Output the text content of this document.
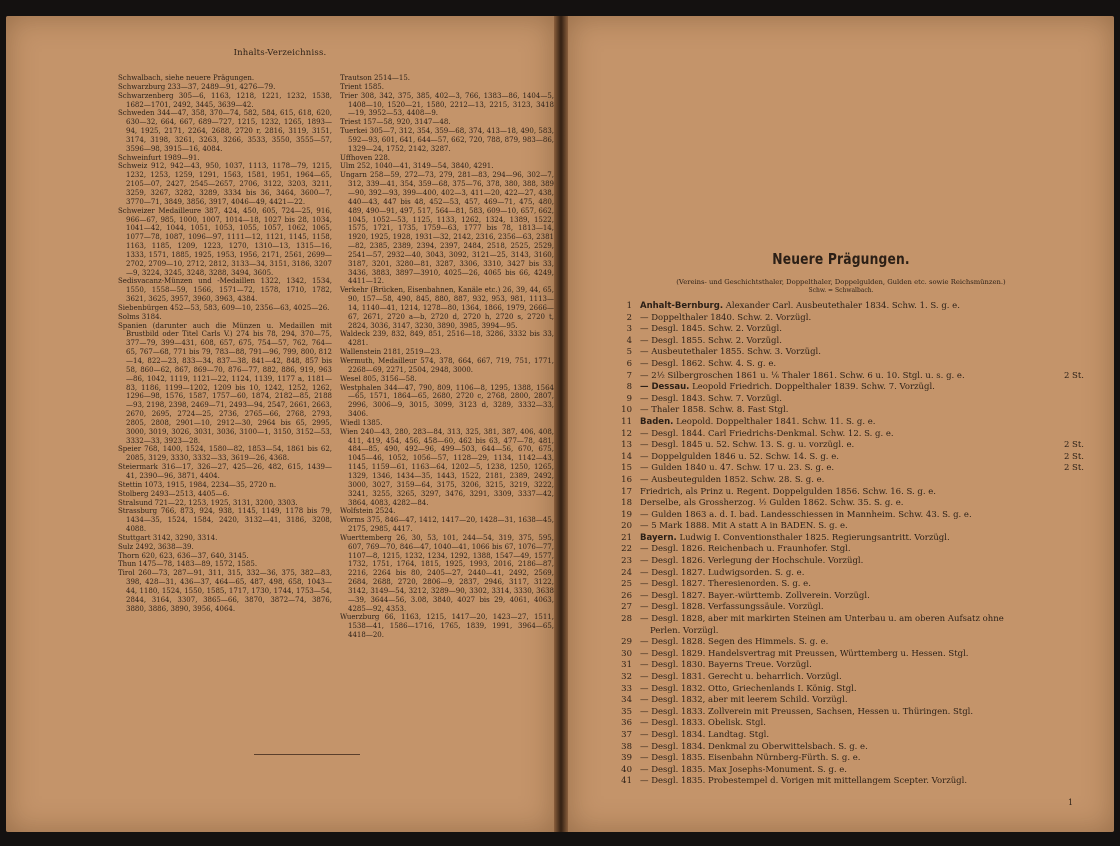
Inhalts-Verzeichniss.

Schwalbach, siehe neuere Prägungen.

Schwarzburg 233—37, 2489—91, 4276—79.

Schwarzenberg 305—6, 1163, 1218, 1221, 1232, 1538, 1682—1701, 2492, 3445, 3639—42.

Schweden 344—47, 358, 370—74, 582, 584, 615, 618, 620, 630—32, 664, 667, 689—727, 1215, 1232, 1265, 1893—94, 1925, 2171, 2264, 2688, 2720 r, 2816, 3119, 3151, 3174, 3198, 3261, 3263, 3266, 3533, 3550, 3555—57, 3596—98, 3915—16, 4084.

Schweinfurt 1989—91.

Schweiz 912, 942—43, 950, 1037, 1113, 1178—79, 1215, 1232, 1253, 1259, 1291, 1563, 1581, 1951, 1964—65, 2105—07, 2427, 2545—2657, 2706, 3122, 3203, 3211, 3259, 3267, 3282, 3289, 3334 bis 36, 3464, 3600—7, 3770—71, 3849, 3856, 3917, 4046—49, 4421—22.

Schweizer Medailleure 387, 424, 450, 605, 724—25, 916, 966—67, 985, 1000, 1007, 1014—18, 1027 bis 28, 1034, 1041—42, 1044, 1051, 1053, 1055, 1057, 1062, 1065, 1077—78, 1087, 1096—97, 1111—12, 1121, 1145, 1158, 1163, 1185, 1209, 1223, 1270, 1310—13, 1315—16, 1333, 1571, 1885, 1925, 1953, 1956, 2171, 2561, 2699—2702, 2709—10, 2712, 2812, 3133—34, 3151, 3186, 3207—9, 3224, 3245, 3248, 3288, 3494, 3605.

Sedisvacanz-Münzen und -Medaillen 1322, 1342, 1534, 1550, 1558—59, 1566, 1571—72, 1578, 1710, 1782, 3621, 3625, 3957, 3960, 3963, 4384.

Siebenbürgen 452—53, 583, 609—10, 2356—63, 4025—26.

Solms 3184.

Spanien (darunter auch die Münzen u. Medaillen mit Brustbild oder Titel Carls V.) 274 bis 78, 294, 370—75, 377—79, 399—431, 608, 657, 675, 754—57, 762, 764—65, 767—68, 771 bis 79, 783—88, 791—96, 799, 800, 812—14, 822—23, 833—34, 837—38, 841—42, 848, 857 bis 58, 860—62, 867, 869—70, 876—77, 882, 886, 919, 963—86, 1042, 1119, 1121—22, 1124, 1139, 1177 a, 1181—83, 1186, 1199—1202, 1209 bis 10, 1242, 1252, 1262, 1296—98, 1576, 1587, 1757—60, 1874, 2182—85, 2188—93, 2198, 2398, 2469—71, 2493—94, 2547, 2661, 2663, 2670, 2695, 2724—25, 2736, 2765—66, 2768, 2793, 2805, 2808, 2901—10, 2912—30, 2964 bis 65, 2995, 3000, 3019, 3026, 3031, 3036, 3100—1, 3150, 3152—53, 3332—33, 3923—28.

Speier 768, 1400, 1524, 1580—82, 1853—54, 1861 bis 62, 2085, 3129, 3330, 3332—33, 3619—26, 4368.

Steiermark 316—17, 326—27, 425—26, 482, 615, 1439—41, 2390—96, 3871, 4404.

Stettin 1073, 1915, 1984, 2234—35, 2720 n.

Stolberg 2493—2513, 4405—6.

Stralsund 721—22, 1253, 1925, 3131, 3200, 3303.

Strassburg 766, 873, 924, 938, 1145, 1149, 1178 bis 79, 1434—35, 1524, 1584, 2420, 3132—41, 3186, 3208, 4088.

Stuttgart 3142, 3290, 3314.

Sulz 2492, 3638—39.

Thorn 620, 623, 636—37, 640, 3145.

Thun 1475—78, 1483—89, 1572, 1585.

Tirol 260—73, 287—91, 311, 315, 332—36, 375, 382—83, 398, 428—31, 436—37, 464—65, 487, 498, 658, 1043—44, 1180, 1524, 1550, 1585, 1717, 1730, 1744, 1753—54, 2844, 3164, 3307, 3865—66, 3870, 3872—74, 3876, 3880, 3886, 3890, 3956, 4064.

Trautson 2514—15.

Trient 1585.

Trier 308, 342, 375, 385, 402—3, 766, 1383—86, 1404—5, 1408—10, 1520—21, 1580, 2212—13, 2215, 3123, 3418—19, 3952—53, 4408—9.

Triest 157—58, 920, 3147—48.

Tuerkei 305—7, 312, 354, 359—68, 374, 413—18, 490, 583, 592—93, 601, 641, 644—57, 662, 720, 788, 879, 983—86, 1329—24, 1752, 2142, 3287.

Uffhoven 228.

Ulm 252, 1040—41, 3149—54, 3840, 4291.

Ungarn 258—59, 272—73, 279, 281—83, 294—96, 302—7, 312, 339—41, 354, 359—68, 375—76, 378, 380, 388, 389—90, 392—93, 399—400, 402—3, 411—20, 422—27, 438, 440—43, 447 bis 48, 452—53, 457, 469—71, 475, 480, 489, 490—91, 497, 517, 564—81, 583, 609—10, 657, 662, 1045, 1052—53, 1125, 1133, 1262, 1324, 1389, 1522, 1575, 1721, 1735, 1759—63, 1777 bis 78, 1813—14, 1920, 1925, 1928, 1931—32, 2142, 2316, 2356—63, 2381—82, 2385, 2389, 2394, 2397, 2484, 2518, 2525, 2529, 2541—57, 2932—40, 3043, 3092, 3121—25, 3143, 3160, 3187, 3201, 3280—81, 3287, 3306, 3310, 3427 bis 33, 3436, 3883, 3897—3910, 4025—26, 4065 bis 66, 4249, 4411—12.

Verkehr (Brücken, Eisenbahnen, Kanäle etc.) 26, 39, 44, 65, 90, 157—58, 490, 845, 880, 887, 932, 953, 981, 1113—14, 1140—41, 1214, 1278—80, 1364, 1866, 1979, 2666—67, 2671, 2720 a—b, 2720 d, 2720 h, 2720 s, 2720 t, 2824, 3036, 3147, 3230, 3890, 3985, 3994—95.

Waldeck 239, 832, 849, 851, 2516—18, 3286, 3332 bis 33, 4281.

Wallenstein 2181, 2519—23.

Wermuth, Medailleur 574, 378, 664, 667, 719, 751, 1771, 2268—69, 2271, 2504, 2948, 3000.

Wesel 805, 3156—58.

Westphalen 344—47, 790, 809, 1106—8, 1295, 1388, 1564—65, 1571, 1864—65, 2680, 2720 c, 2768, 2800, 2807, 2996, 3006—9, 3015, 3099, 3123 d, 3289, 3332—33, 3406.

Wiedl 1385.

Wien 240—43, 280, 283—84, 313, 325, 381, 387, 406, 408, 411, 419, 454, 456, 458—60, 462 bis 63, 477—78, 481, 484—85, 490, 492—96, 499—503, 644—56, 670, 675, 1045—46, 1052, 1056—57, 1128—29, 1134, 1142—43, 1145, 1159—61, 1163—64, 1202—5, 1238, 1250, 1265, 1329, 1346, 1434—35, 1443, 1522, 2181, 2389, 2492, 3000, 3027, 3159—64, 3175, 3206, 3215, 3219, 3222, 3241, 3255, 3265, 3297, 3476, 3291, 3309, 3337—42, 3864, 4083, 4282—84.

Wolfstein 2524.

Worms 375, 846—47, 1412, 1417—20, 1428—31, 1638—45, 2175, 2985, 4417.

Wuerttemberg 26, 30, 53, 101, 244—54, 319, 375, 595, 607, 769—70, 846—47, 1040—41, 1066 bis 67, 1076—77, 1107—8, 1215, 1232, 1234, 1292, 1388, 1547—49, 1577, 1732, 1751, 1764, 1815, 1925, 1993, 2016, 2186—87, 2216, 2264 bis 80, 2405—27, 2440—41, 2492, 2569, 2684, 2688, 2720, 2806—9, 2837, 2946, 3117, 3122, 3142, 3149—54, 3212, 3289—90, 3302, 3314, 3330, 3638—39, 3644—56, 3.08, 3840, 4027 bis 29, 4061, 4063, 4285—92, 4353.

Wuerzburg 66, 1163, 1215, 1417—20, 1423—27, 1511, 1538—41, 1586—1716, 1765, 1839, 1991, 3964—65, 4418—20.

Neuere Prägungen.
(Vereins- und Geschichtsthaler, Doppelthaler, Doppelgulden, Gulden etc. sowie Reichsmünzen.)
Schw. = Schwalbach.
1 Anhalt-Bernburg. Alexander Carl. Ausbeutethaler 1834. Schw. 1. S. g. e.
2 — Doppelthaler 1840. Schw. 2. Vorzügl.
3 — Desgl. 1845. Schw. 2. Vorzügl.
4 — Desgl. 1855. Schw. 2. Vorzügl.
5 — Ausbeutethaler 1855. Schw. 3. Vorzügl.
6 — Desgl. 1862. Schw. 4. S. g. e.
7 — 2½ Silbergroschen 1861 u. ⅙ Thaler 1861. Schw. 6 u. 10. Stgl. u. s. g. e.	2 St.
8 — Dessau. Leopold Friedrich. Doppelthaler 1839. Schw. 7. Vorzügl.
9 — Desgl. 1843. Schw. 7. Vorzügl.
10 — Thaler 1858. Schw. 8. Fast Stgl.
11 Baden. Leopold. Doppelthaler 1841. Schw. 11. S. g. e.
12 — Desgl. 1844. Carl Friedrichs-Denkmal. Schw. 12. S. g. e.
13 — Desgl. 1845 u. 52. Schw. 13. S. g. u. vorzügl. e.	2 St.
14 — Doppelgulden 1846 u. 52. Schw. 14. S. g. e.	2 St.
15 — Gulden 1840 u. 47. Schw. 17 u. 23. S. g. e.	2 St.
16 — Ausbeutegulden 1852. Schw. 28. S. g. e.
17 Friedrich, als Prinz u. Regent. Doppelgulden 1856. Schw. 16. S. g. e.
18 Derselbe, als Grossherzog. ½ Gulden 1862. Schw. 35. S. g. e.
19 — Gulden 1863 a. d. I. bad. Landesschiessen in Mannheim. Schw. 43. S. g. e.
20 — 5 Mark 1888. Mit A statt A in BADEN. S. g. e.
21 Bayern. Ludwig I. Conventionsthaler 1825. Regierungsantritt. Vorzügl.
22 — Desgl. 1826. Reichenbach u. Fraunhofer. Stgl.
23 — Desgl. 1826. Verlegung der Hochschule. Vorzügl.
24 — Desgl. 1827. Ludwigsorden. S. g. e.
25 — Desgl. 1827. Theresienorden. S. g. e.
26 — Desgl. 1827. Bayer.-württemb. Zollverein. Vorzügl.
27 — Desgl. 1828. Verfassungssäule. Vorzügl.
28 — Desgl. 1828, aber mit markirten Steinen am Unterbau u. am oberen Aufsatz ohne
Perlen. Vorzügl.
29 — Desgl. 1828. Segen des Himmels. S. g. e.
30 — Desgl. 1829. Handelsvertrag mit Preussen, Württemberg u. Hessen. Stgl.
31 — Desgl. 1830. Bayerns Treue. Vorzügl.
32 — Desgl. 1831. Gerecht u. beharrlich. Vorzügl.
33 — Desgl. 1832. Otto, Griechenlands I. König. Stgl.
34 — Desgl. 1832, aber mit leerem Schild. Vorzügl.
35 — Desgl. 1833. Zollverein mit Preussen, Sachsen, Hessen u. Thüringen. Stgl.
36 — Desgl. 1833. Obelisk. Stgl.
37 — Desgl. 1834. Landtag. Stgl.
38 — Desgl. 1834. Denkmal zu Oberwittelsbach. S. g. e.
39 — Desgl. 1835. Eisenbahn Nürnberg-Fürth. S. g. e.
40 — Desgl. 1835. Max Josephs-Monument. S. g. e.
41 — Desgl. 1835. Probestempel d. Vorigen mit mittellangem Scepter. Vorzügl.
1
